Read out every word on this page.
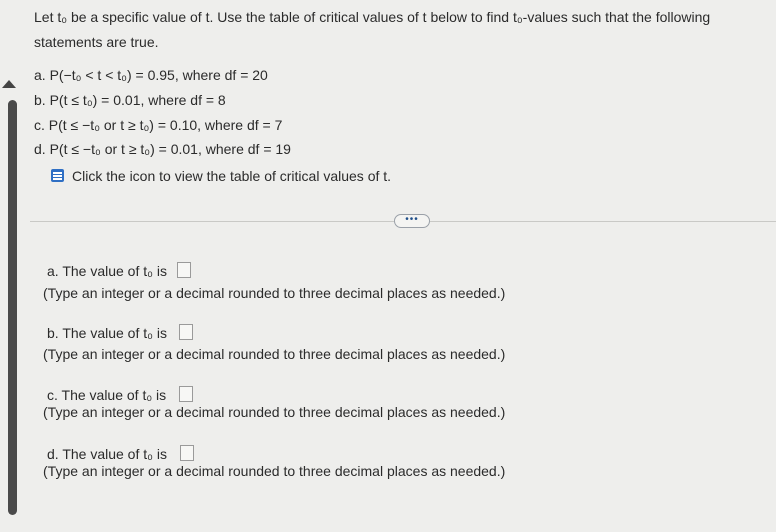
Let t₀ be a specific value of t. Use the table of critical values of t below to find t₀-values such that the following
statements are true.
a. P(−t₀ < t < t₀) = 0.95, where df = 20
b. P(t ≤ t₀) = 0.01, where df = 8
c. P(t ≤ −t₀ or t ≥ t₀) = 0.10, where df = 7
d. P(t ≤ −t₀ or t ≥ t₀) = 0.01, where df = 19
Click the icon to view the table of critical values of t.
•••
a. The value of t₀ is
(Type an integer or a decimal rounded to three decimal places as needed.)
b. The value of t₀ is
(Type an integer or a decimal rounded to three decimal places as needed.)
c. The value of t₀ is
(Type an integer or a decimal rounded to three decimal places as needed.)
d. The value of t₀ is
(Type an integer or a decimal rounded to three decimal places as needed.)
